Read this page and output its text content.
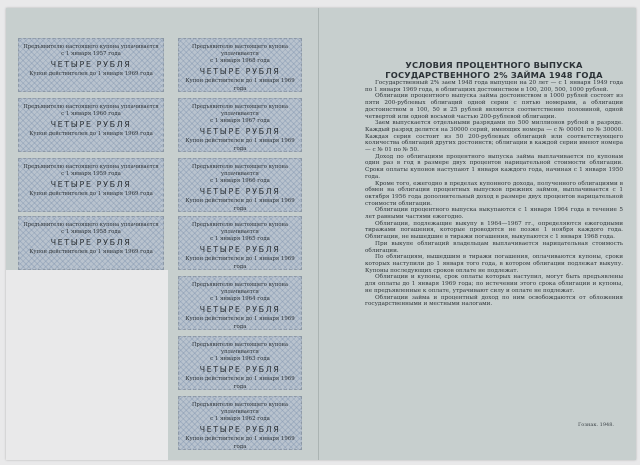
Предъявителю настоящего купона уплачивается
с 1 января 1957 года
ЧЕТЫРЕ РУБЛЯ
Купон действителен до 1 января 1969 года
Предъявителю настоящего купона уплачивается
с 1 января 1960 года
ЧЕТЫРЕ РУБЛЯ
Купон действителен до 1 января 1969 года
Предъявителю настоящего купона уплачивается
с 1 января 1959 года
ЧЕТЫРЕ РУБЛЯ
Купон действителен до 1 января 1969 года
Предъявителю настоящего купона уплачивается
с 1 января 1958 года
ЧЕТЫРЕ РУБЛЯ
Купон действителен до 1 января 1969 года
Предъявителю настоящего купона уплачивается
с 1 января 1968 года
ЧЕТЫРЕ РУБЛЯ
Купон действителен до 1 января 1969 года
Предъявителю настоящего купона уплачивается
с 1 января 1967 года
ЧЕТЫРЕ РУБЛЯ
Купон действителен до 1 января 1969 года
Предъявителю настоящего купона уплачивается
с 1 января 1966 года
ЧЕТЫРЕ РУБЛЯ
Купон действителен до 1 января 1969 года
Предъявителю настоящего купона уплачивается
с 1 января 1965 года
ЧЕТЫРЕ РУБЛЯ
Купон действителен до 1 января 1969 года
Предъявителю настоящего купона уплачивается
с 1 января 1964 года
ЧЕТЫРЕ РУБЛЯ
Купон действителен до 1 января 1969 года
Предъявителю настоящего купона уплачивается
с 1 января 1963 года
ЧЕТЫРЕ РУБЛЯ
Купон действителен до 1 января 1969 года
Предъявителю настоящего купона уплачивается
с 1 января 1962 года
ЧЕТЫРЕ РУБЛЯ
Купон действителен до 1 января 1969 года
УСЛОВИЯ ПРОЦЕНТНОГО ВЫПУСКА
ГОСУДАРСТВЕННОГО 2% ЗАЙМА 1948 ГОДА

Государственный 2% заем 1948 года выпущен на 20 лет — с 1 января 1949 года по 1 января 1969 года, в облигациях достоинством в 100, 200, 500, 1000 рублей.

Облигации процентного выпуска займа достоинством в 1000 рублей состоят из пяти 200-рублевых облигаций одной серии с пятью номерами, а облигации достоинством в 100, 50 и 25 рублей являются соответственно половиной, одной четвертой или одной восьмой частью 200-рублевой облигации.

Заем выпускается отдельными разрядами по 500 миллионов рублей в разряде. Каждый разряд делится на 30000 серий, имеющих номера — с № 00001 по № 30000. Каждая серия состоит из 50 200-рублевых облигаций или соответствующего количества облигаций других достоинств; облигации в каждой серии имеют номера — с № 01 по № 50.

Доход по облигациям процентного выпуска займа выплачивается по купонам один раз в год в размере двух процентов нарицательной стоимости облигации. Сроки оплаты купонов наступают 1 января каждого года, начиная с 1 января 1950 года.

Кроме того, ежегодно в пределах купонного дохода, полученного облигациями в обмен на облигации процентных выпусков прежних займов, выплачивается с 1 октября 1956 года дополнительный доход в размере двух процентов нарицательной стоимости облигации.

Облигации процентного выпуска выкупаются с 1 января 1964 года в течение 5 лет равными частями ежегодно.

Облигации, подлежащие выкупу в 1964—1967 гг., определяются ежегодными тиражами погашения, которые проводятся не позже 1 ноября каждого года. Облигации, не вышедшие в тиражи погашения, выкупаются с 1 января 1968 года.

При выкупе облигаций владельцам выплачивается нарицательная стоимость облигации.

По облигациям, вышедшим в тиражи погашения, оплачиваются купоны, сроки которых наступили до 1 января того года, в котором облигации подлежат выкупу. Купоны последующих сроков оплате не подлежат.

Облигации и купоны, срок оплаты которых наступил, могут быть предъявлены для оплаты до 1 января 1969 года; по истечении этого срока облигации и купоны, не предъявленные к оплате, утрачивают силу и оплате не подлежат.

Облигации займа и процентный доход по ним освобождаются от обложения государственными и местными налогами.

Гознак. 1948.
